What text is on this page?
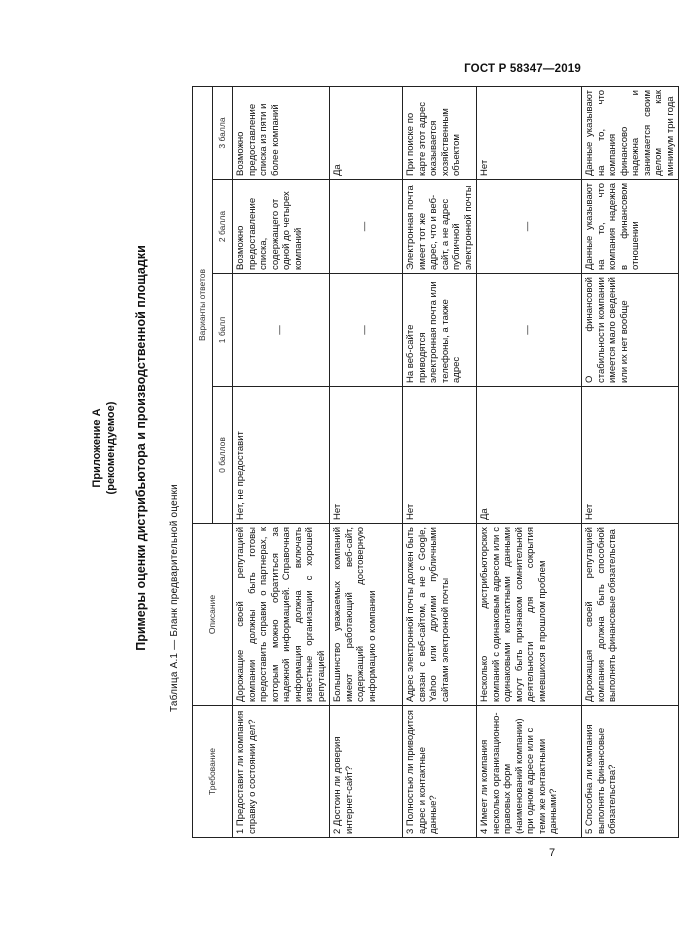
ГОСТ Р 58347—2019
Приложение А (рекомендуемое) Примеры оценки дистрибьютора и производственной площадки Таблица А.1 — Бланк предварительной оценки
Требование	Описание	Варианты ответов			
		0 баллов	1 балл	2 балла	3 балла
1 Предоставит ли компания справку о состоянии дел?	Дорожащие своей репутацией компании должны быть готовы предоставить справки о партнерах, к которым можно обратиться за надежной информацией. Справочная информация должна включать известные организации с хорошей репутацией	Нет, не предоставит	—	Возможно предоставление списка, содержащего от одной до четырех компаний	Возможно предоставление списка из пяти и более компаний
2 Достоин ли доверия интернет-сайт?	Большинство уважаемых компаний имеют работающий веб-сайт, содержащий достоверную информацию о компании	Нет	—	—	Да
3 Полностью ли приводится адрес и контактные данные?	Адрес электронной почты должен быть связан с веб-сайтом, а не с Google, Yahoo или другими публичными сайтами электронной почты	Нет	На веб-сайте приводятся электронная почта или телефоны, а также адрес	Электронная почта имеет тот же адрес, что и веб-сайт, а не адрес публичной электронной почты	При поиске по карте этот адрес оказывается хозяйственным объектом
4 Имеет ли компания несколько организационно-правовых форм (наименований компании) при одном адресе или с теми же контактными данными?	Несколько дистрибьюторских компаний с одинаковым адресом или с одинаковыми контактными данными могут быть признаком сомнительной деятельности для сокрытия имевшихся в прошлом проблем	Да	—	—	Нет
5 Способна ли компания выполнять финансовые обязательства?	Дорожащая своей репутацией компания должна быть способной выполнять финансовые обязательства	Нет	О финансовой стабильности компании имеется мало сведений или их нет вообще	Данные указывают на то, что компания надежна в финансовом отношении	Данные указывают на то, что компания финансово надежна и занимается своим делом как минимум три года
7
